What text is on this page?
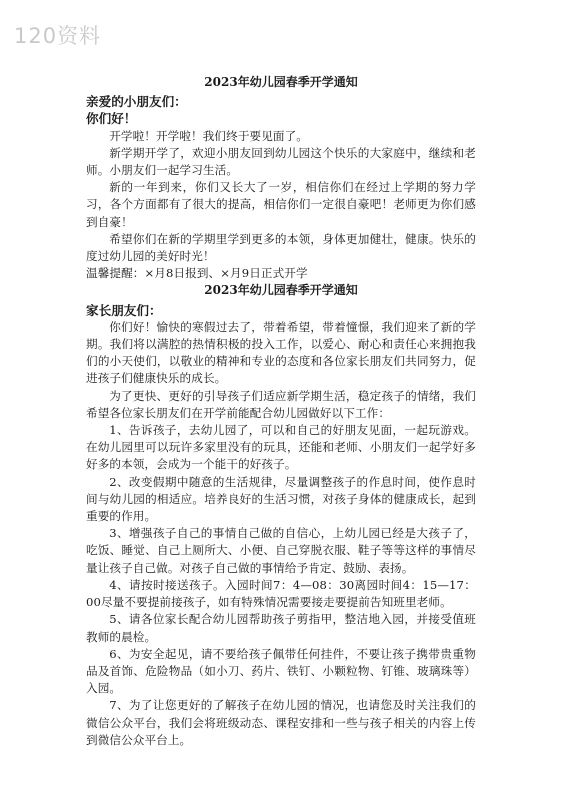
120资料
2023年幼儿园春季开学通知
亲爱的小朋友们：
你们好！

开学啦！开学啦！我们终于要见面了。

新学期开学了，欢迎小朋友回到幼儿园这个快乐的大家庭中，继续和老师。小朋友们一起学习生活。

新的一年到来，你们又长大了一岁，相信你们在经过上学期的努力学习，各个方面都有了很大的提高，相信你们一定很自豪吧！老师更为你们感到自豪！

希望你们在新的学期里学到更多的本领，身体更加健壮，健康。快乐的度过幼儿园的美好时光！

温馨提醒：×月8日报到、×月9日正式开学

2023年幼儿园春季开学通知
家长朋友们：

你们好！愉快的寒假过去了，带着希望，带着憧憬，我们迎来了新的学期。我们将以满腔的热情积极的投入工作，以爱心、耐心和责任心来拥抱我们的小天使们，以敬业的精神和专业的态度和各位家长朋友们共同努力，促进孩子们健康快乐的成长。

为了更快、更好的引导孩子们适应新学期生活，稳定孩子的情绪，我们希望各位家长朋友们在开学前能配合幼儿园做好以下工作：

1、告诉孩子，去幼儿园了，可以和自己的好朋友见面，一起玩游戏。在幼儿园里可以玩许多家里没有的玩具，还能和老师、小朋友们一起学好多好多的本领，会成为一个能干的好孩子。

2、改变假期中随意的生活规律，尽量调整孩子的作息时间，使作息时间与幼儿园的相适应。培养良好的生活习惯，对孩子身体的健康成长，起到重要的作用。

3、增强孩子自己的事情自己做的自信心，上幼儿园已经是大孩子了，吃饭、睡觉、自己上厕所大、小便、自己穿脱衣服、鞋子等等这样的事情尽量让孩子自己做。对孩子自己做的事情给予肯定、鼓励、表扬。

4、请按时接送孩子。入园时间7：4—08：30离园时间4：15—17：00尽量不要提前接孩子，如有特殊情况需要接走要提前告知班里老师。

5、请各位家长配合幼儿园帮助孩子剪指甲，整洁地入园，并接受值班教师的晨检。

6、为安全起见，请不要给孩子佩带任何挂件，不要让孩子携带贵重物品及首饰、危险物品（如小刀、药片、铁钉、小颗粒物、钉锥、玻璃珠等）入园。

7、为了让您更好的了解孩子在幼儿园的情况，也请您及时关注我们的微信公众平台，我们会将班级动态、课程安排和一些与孩子相关的内容上传到微信公众平台上。
